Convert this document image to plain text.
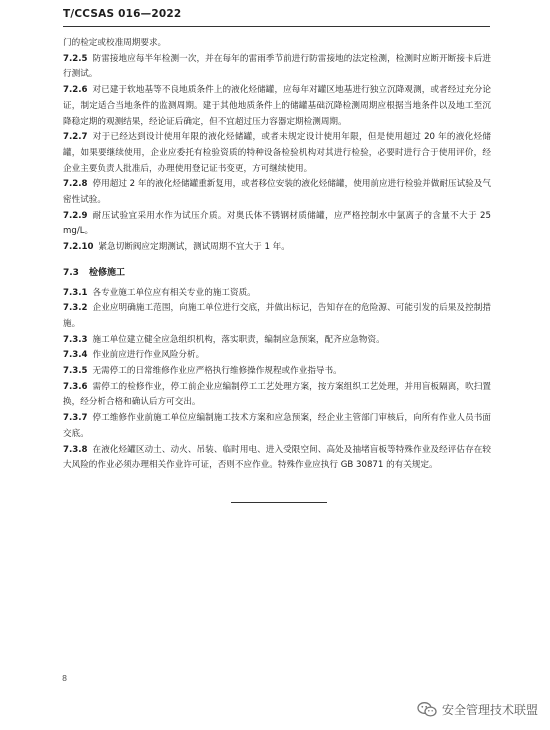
T/CCSAS 016—2022

门的检定或校准周期要求。

7.2.5 防雷接地应每半年检测一次，并在每年的雷雨季节前进行防雷接地的法定检测，检测时应断开断接卡后进行测试。

7.2.6 对已建于软地基等不良地质条件上的液化烃储罐，应每年对罐区地基进行独立沉降观测，或者经过充分论证，制定适合当地条件的监测周期。建于其他地质条件上的储罐基础沉降检测周期应根据当地条件以及地工至沉降稳定期的观测结果，经论证后确定，但不宜超过压力容器定期检测周期。

7.2.7 对于已经达到设计使用年限的液化烃储罐，或者未规定设计使用年限，但是使用超过 20 年的液化烃储罐，如果要继续使用，企业应委托有检验资质的特种设备检验机构对其进行检验，必要时进行合于使用评价，经企业主要负责人批准后，办理使用登记证书变更，方可继续使用。

7.2.8 停用超过 2 年的液化烃储罐重新复用，或者移位安装的液化烃储罐，使用前应进行检验并做耐压试验及气密性试验。

7.2.9 耐压试验宜采用水作为试压介质。对奥氏体不锈钢材质储罐，应严格控制水中氯离子的含量不大于 25 mg/L。

7.2.10 紧急切断阀应定期测试，测试周期不宜大于 1 年。

7.3 检修施工

7.3.1 各专业施工单位应有相关专业的施工资质。

7.3.2 企业应明确施工范围，向施工单位进行交底，并做出标记，告知存在的危险源、可能引发的后果及控制措施。

7.3.3 施工单位建立健全应急组织机构，落实职责，编制应急预案，配齐应急物资。

7.3.4 作业前应进行作业风险分析。

7.3.5 无需停工的日常维修作业应严格执行维修操作规程或作业指导书。

7.3.6 需停工的检修作业，停工前企业应编制停工工艺处理方案，按方案组织工艺处理，并用盲板隔离，吹扫置换，经分析合格和确认后方可交出。

7.3.7 停工维修作业前施工单位应编制施工技术方案和应急预案，经企业主管部门审核后，向所有作业人员书面交底。

7.3.8 在液化烃罐区动土、动火、吊装、临时用电、进入受限空间、高处及抽堵盲板等特殊作业及经评估存在较大风险的作业必须办理相关作业许可证，否则不应作业。特殊作业应执行 GB 30871 的有关规定。

8
安全管理技术联盟
